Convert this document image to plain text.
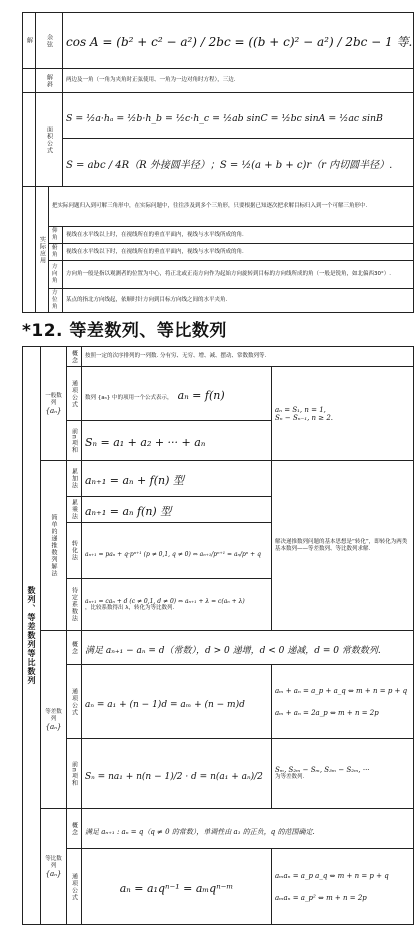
解	余弦		cos A = (b² + c² − a²) / 2bc = ((b + c)² − a²) / 2bc − 1 等.
	解斜		两边及一角（一角为夹角时正弦使用、一角为一边对角时方程），三边.
	面积公式		S = ½a·hₐ = ½b·h_b = ½c·h_c = ½ab sinC = ½bc sinA = ½ac sinB
			S = abc / 4R（R 外接圆半径）；S = ½(a + b + c)r（r 内切圆半径）.
	实际应用	把实际问题归入到可解三角形中，在实际问题中，往往涉及到多个三角形，只要根据已知逐次把求解目标归入到一个可解三角形中.	
		仰角	视线在水平线以上时，在视线所在的垂直平面内，视线与水平线所成的角.
		俯角	视线在水平线以下时，在视线所在的垂直平面内，视线与水平线所成的角.
		方向角	方向角一般是指以观测者的位置为中心，将正北或正南方向作为起始方向旋转到目标的方向线所成的角（一般是锐角，如北偏西30°）.
		方位角	某点的指北方向线起，依顺时针方向到目标方向线之间的水平夹角.
*12. 等差数列、等比数列
数列、等差数列等比数列	一般数列
{aₙ}	概念	按照一定的次序排列的一列数. 分有穷、无穷、增、减、摆动、常数数列等.	
		通项公式	数列 {aₙ} 中的项用一个公式表示， aₙ = f(n)	aₙ = S₁, n = 1,
Sₙ − Sₙ₋₁, n ≥ 2.

		前n项和	Sₙ = a₁ + a₂ + ··· + aₙ	
	简单的递推数列解法	累加法	aₙ₊₁ = aₙ + f(n) 型	解决递推数列问题的基本思想是“转化”，即转化为两类基本数列——等差数列、等比数列求解.
		累乘法	aₙ₊₁ = aₙ f(n) 型	
		转化法	aₙ₊₁ = paₙ + q·pⁿ⁺¹ (p ≠ 0,1, q ≠ 0) ⇔ aₙ₊₁/pⁿ⁺¹ = aₙ/pⁿ + q	
		待定系数法	aₙ₊₁ = caₙ + d (c ≠ 0,1, d ≠ 0) ⇔ aₙ₊₁ + λ = c(aₙ + λ)
，比较系数得出 λ，转化为等比数列.	

	等差数列
{aₙ}	概念	满足 aₙ₊₁ − aₙ = d（常数），d > 0 递增，d < 0 递减，d = 0 常数数列.	
		通项公式	aₙ = a₁ + (n − 1)d = aₘ + (n − m)d	aₘ + aₙ = a_p + a_q ⇔ m + n = p + q
aₘ + aₙ = 2a_p ⇔ m + n = 2p

		前n项和	Sₙ = na₁ + n(n − 1)/2 · d = n(a₁ + aₙ)/2	Sₘ, S₂ₘ − Sₘ, S₃ₘ − S₂ₘ, ···
为等差数列.

	等比数列
{aₙ}	概念	满足 aₙ₊₁ : aₙ = q（q ≠ 0 的常数），单调性由 a₁ 的正负，q 的范围确定.	
		通项公式	aₙ = a₁qⁿ⁻¹ = aₘqⁿ⁻ᵐ	aₘaₙ = a_p a_q ⇔ m + n = p + q
aₘaₙ = a_p² ⇔ m + n = 2p
